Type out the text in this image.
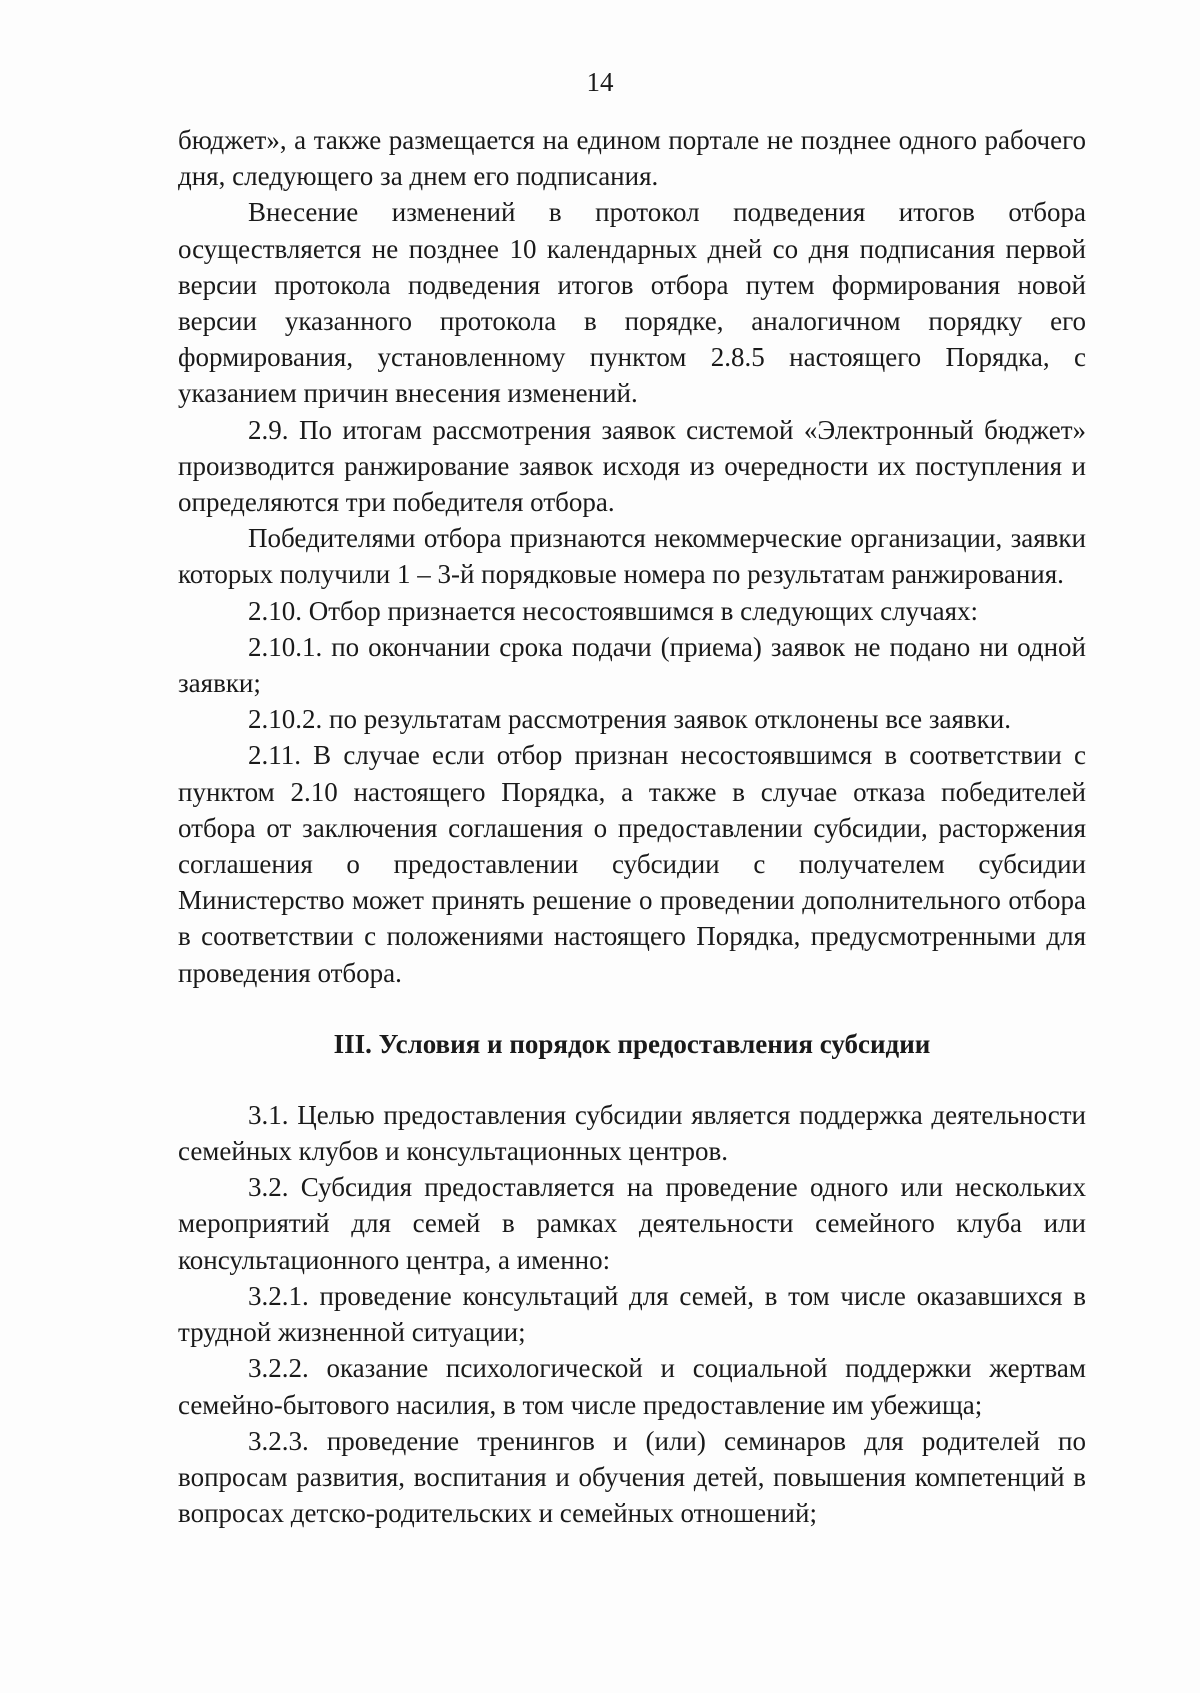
14

бюджет», а также размещается на едином портале не позднее одного рабочего дня, следующего за днем его подписания.

Внесение изменений в протокол подведения итогов отбора осуществляется не позднее 10 календарных дней со дня подписания первой версии протокола подведения итогов отбора путем формирования новой версии указанного протокола в порядке, аналогичном порядку его формирования, установленному пунктом 2.8.5 настоящего Порядка, с указанием причин внесения изменений.

2.9. По итогам рассмотрения заявок системой «Электронный бюджет» производится ранжирование заявок исходя из очередности их поступления и определяются три победителя отбора.

Победителями отбора признаются некоммерческие организации, заявки которых получили 1 – 3-й порядковые номера по результатам ранжирования.

2.10. Отбор признается несостоявшимся в следующих случаях:

2.10.1. по окончании срока подачи (приема) заявок не подано ни одной заявки;

2.10.2. по результатам рассмотрения заявок отклонены все заявки.

2.11. В случае если отбор признан несостоявшимся в соответствии с пунктом 2.10 настоящего Порядка, а также в случае отказа победителей отбора от заключения соглашения о предоставлении субсидии, расторжения соглашения о предоставлении субсидии с получателем субсидии Министерство может принять решение о проведении дополнительного отбора в соответствии с положениями настоящего Порядка, предусмотренными для проведения отбора.

III. Условия и порядок предоставления субсидии

3.1. Целью предоставления субсидии является поддержка деятельности семейных клубов и консультационных центров.

3.2. Субсидия предоставляется на проведение одного или нескольких мероприятий для семей в рамках деятельности семейного клуба или консультационного центра, а именно:

3.2.1. проведение консультаций для семей, в том числе оказавшихся в трудной жизненной ситуации;

3.2.2. оказание психологической и социальной поддержки жертвам семейно-бытового насилия, в том числе предоставление им убежища;

3.2.3. проведение тренингов и (или) семинаров для родителей по вопросам развития, воспитания и обучения детей, повышения компетенций в вопросах детско-родительских и семейных отношений;
